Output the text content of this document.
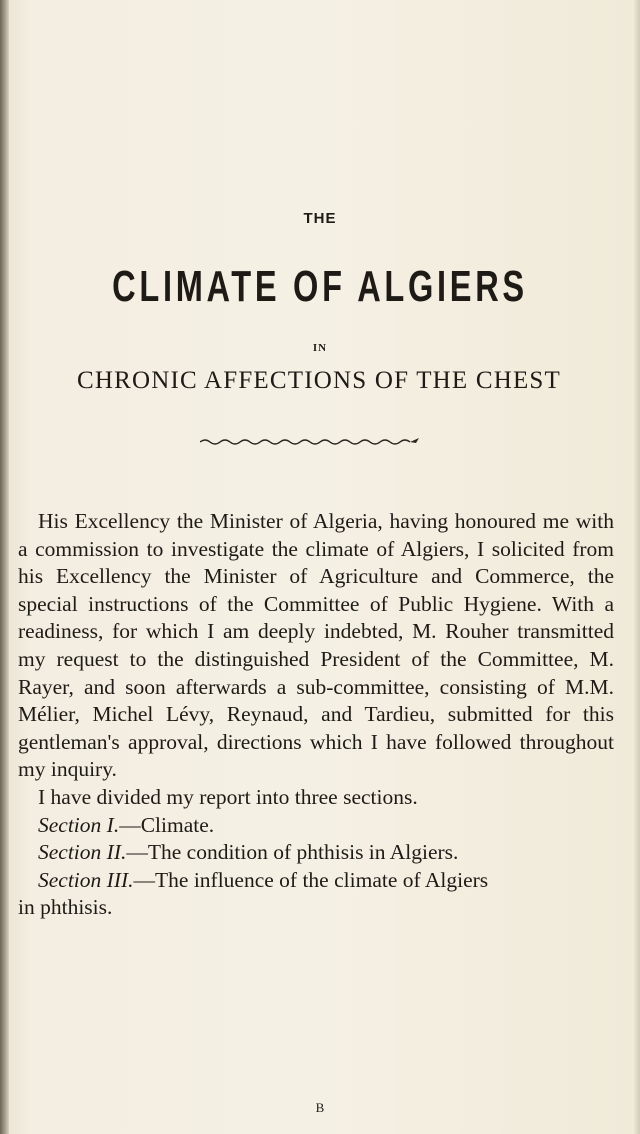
THE
CLIMATE OF ALGIERS
IN
CHRONIC AFFECTIONS OF THE CHEST

His Excellency the Minister of Algeria, having honoured me with a commission to investigate the climate of Algiers, I solicited from his Excellency the Minister of Agriculture and Commerce, the special instructions of the Committee of Public Hygiene. With a readiness, for which I am deeply indebted, M. Rouher transmitted my request to the distinguished President of the Committee, M. Rayer, and soon afterwards a sub-committee, consisting of M.M. Mélier, Michel Lévy, Reynaud, and Tardieu, submitted for this gentleman's approval, directions which I have followed throughout my inquiry.

I have divided my report into three sections.

Section I.—Climate.

Section II.—The condition of phthisis in Algiers.

Section III.—The influence of the climate of Algiers

in phthisis.

B
